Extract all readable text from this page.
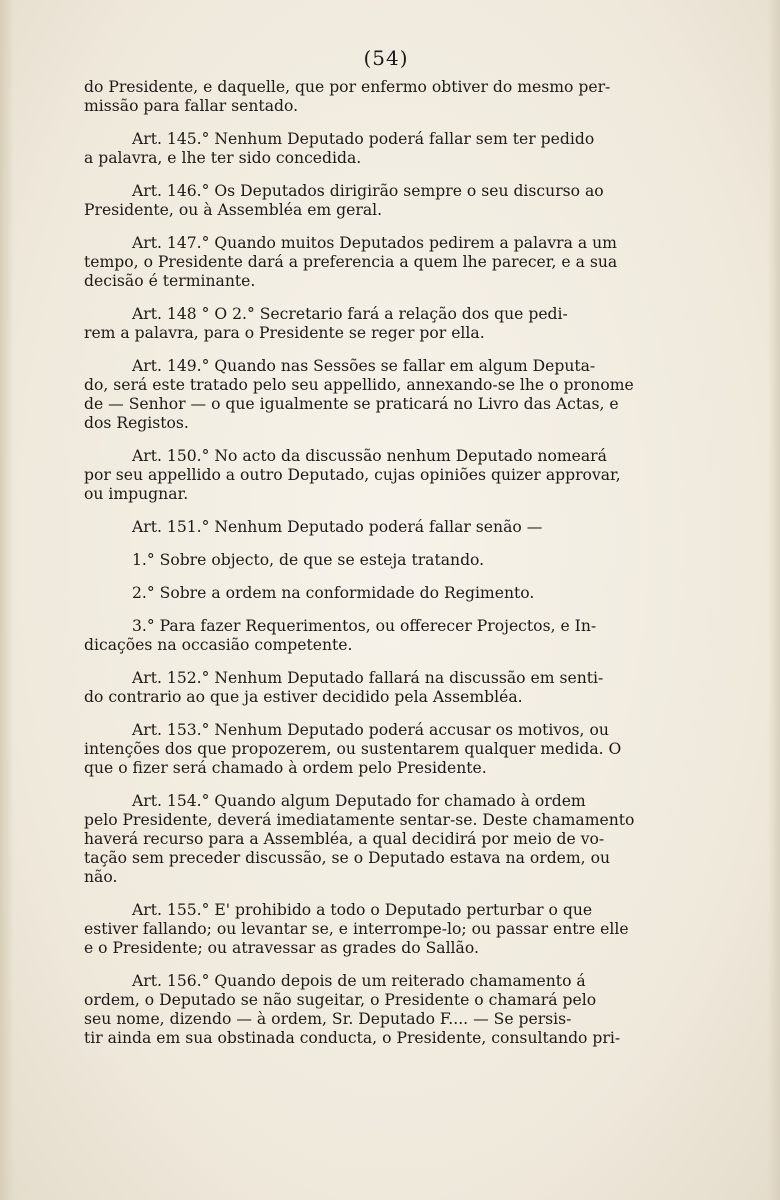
(54)
do Presidente, e daquelle, que por enfermo obtiver do mesmo per-
missão para fallar sentado.
Art. 145.° Nenhum Deputado poderá fallar sem ter pedido
a palavra, e lhe ter sido concedida.
Art. 146.° Os Deputados dirigirão sempre o seu discurso ao
Presidente, ou à Assembléa em geral.
Art. 147.° Quando muitos Deputados pedirem a palavra a um
tempo, o Presidente dará a preferencia a quem lhe parecer, e a sua
decisão é terminante.
Art. 148 ° O 2.° Secretario fará a relação dos que pedi-
rem a palavra, para o Presidente se reger por ella.
Art. 149.° Quando nas Sessões se fallar em algum Deputa-
do, será este tratado pelo seu appellido, annexando-se lhe o pronome
de — Senhor — o que igualmente se praticará no Livro das Actas, e
dos Registos.
Art. 150.° No acto da discussão nenhum Deputado nomeará
por seu appellido a outro Deputado, cujas opiniões quizer approvar,
ou impugnar.
Art. 151.° Nenhum Deputado poderá fallar senão —
1.° Sobre objecto, de que se esteja tratando.
2.° Sobre a ordem na conformidade do Regimento.
3.° Para fazer Requerimentos, ou offerecer Projectos, e In-
dicações na occasião competente.
Art. 152.° Nenhum Deputado fallará na discussão em senti-
do contrario ao que ja estiver decidido pela Assembléa.
Art. 153.° Nenhum Deputado poderá accusar os motivos, ou
intenções dos que propozerem, ou sustentarem qualquer medida. O
que o fizer será chamado à ordem pelo Presidente.
Art. 154.° Quando algum Deputado for chamado à ordem
pelo Presidente, deverá imediatamente sentar-se. Deste chamamento
haverá recurso para a Assembléa, a qual decidirá por meio de vo-
tação sem preceder discussão, se o Deputado estava na ordem, ou
não.
Art. 155.° E' prohibido a todo o Deputado perturbar o que
estiver fallando; ou levantar se, e interrompe-lo; ou passar entre elle
e o Presidente; ou atravessar as grades do Sallão.
Art. 156.° Quando depois de um reiterado chamamento á
ordem, o Deputado se não sugeitar, o Presidente o chamará pelo
seu nome, dizendo — à ordem, Sr. Deputado F.... — Se persis-
tir ainda em sua obstinada conducta, o Presidente, consultando pri-
